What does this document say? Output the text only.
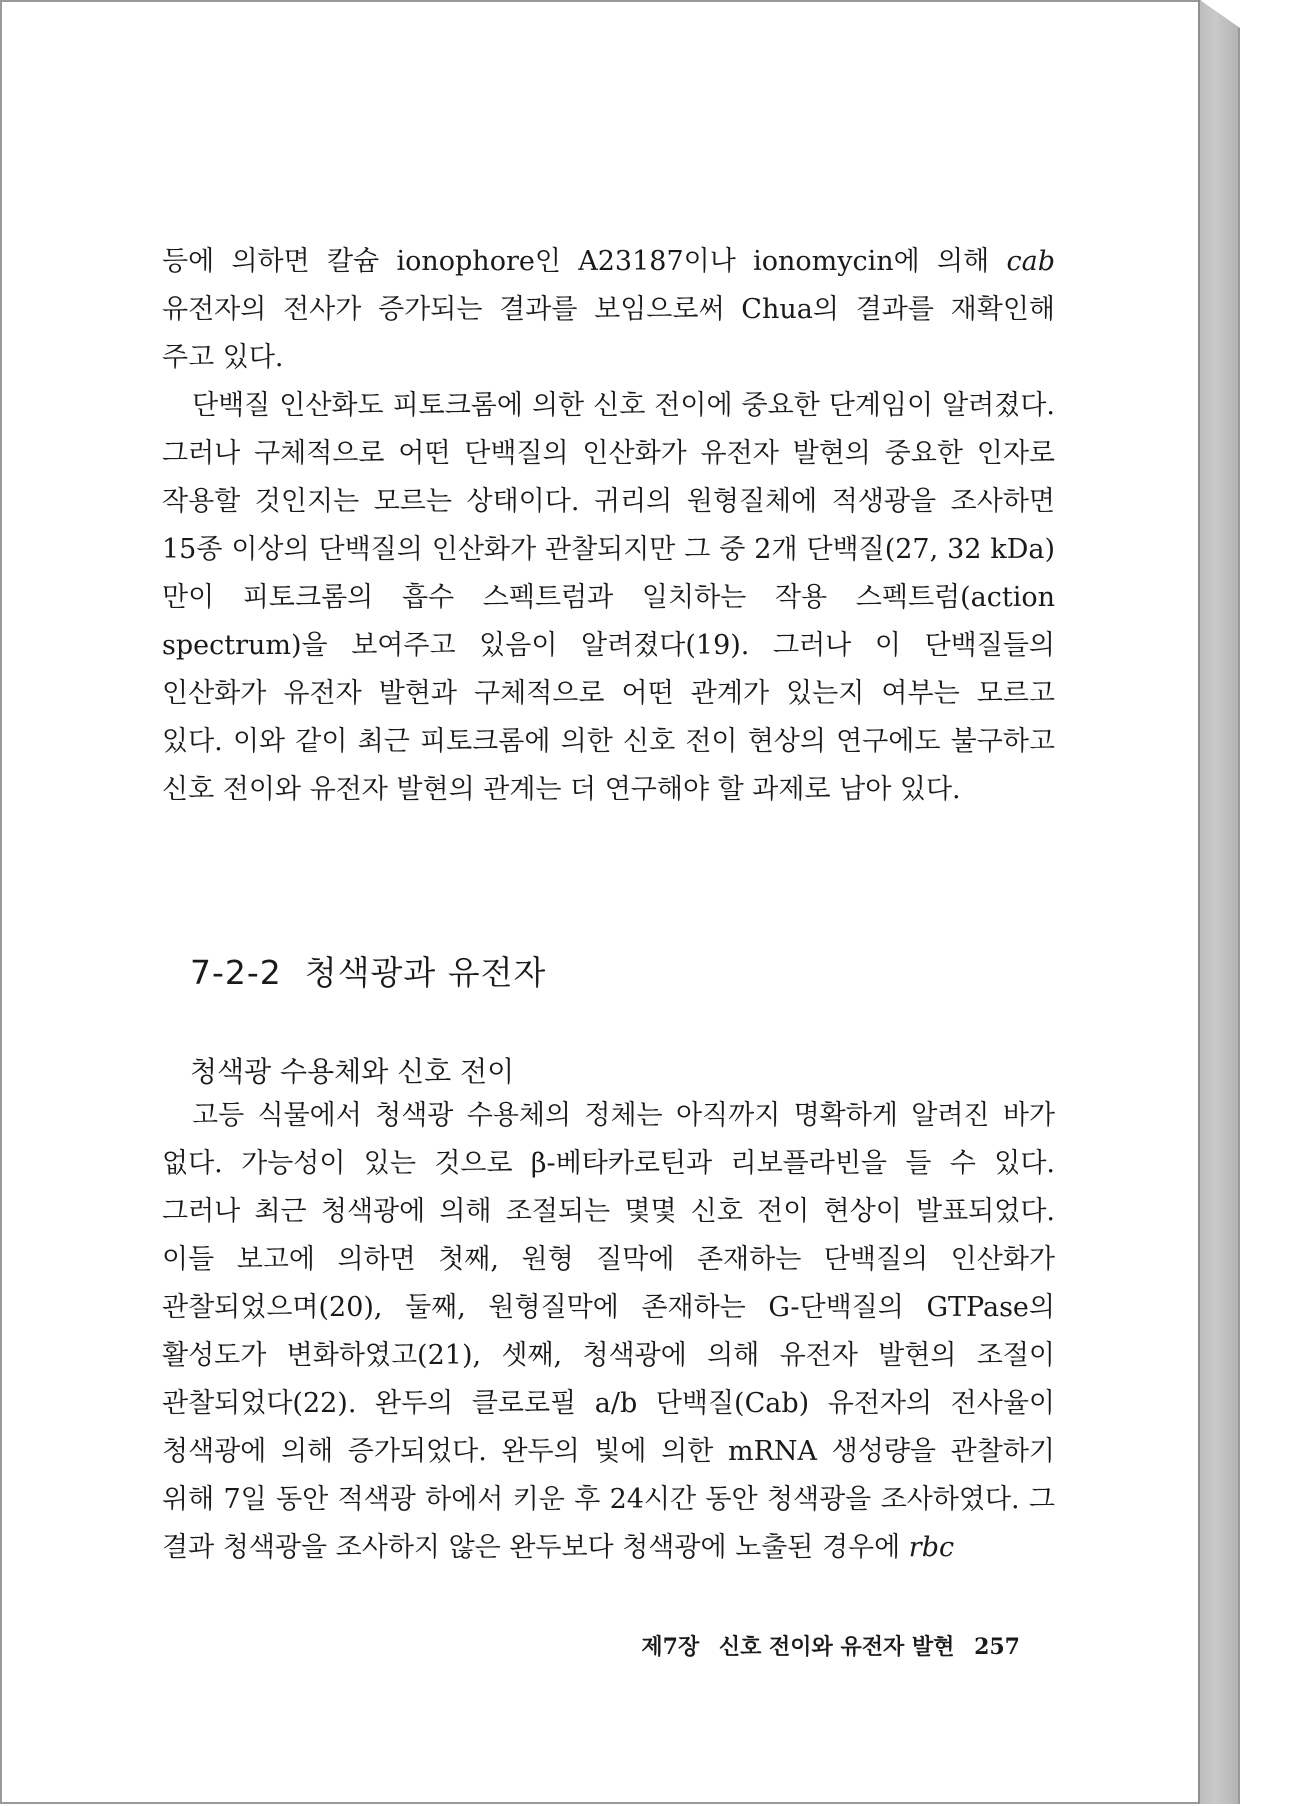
등에 의하면 칼슘 ionophore인 A23187이나 ionomycin에 의해 cab 유전자의 전사가 증가되는 결과를 보임으로써 Chua의 결과를 재확인해 주고 있다.

단백질 인산화도 피토크롬에 의한 신호 전이에 중요한 단계임이 알려졌다. 그러나 구체적으로 어떤 단백질의 인산화가 유전자 발현의 중요한 인자로 작용할 것인지는 모르는 상태이다. 귀리의 원형질체에 적생광을 조사하면 15종 이상의 단백질의 인산화가 관찰되지만 그 중 2개 단백질(27, 32 kDa)만이 피토크롬의 흡수 스펙트럼과 일치하는 작용 스펙트럼(action spectrum)을 보여주고 있음이 알려졌다(19). 그러나 이 단백질들의 인산화가 유전자 발현과 구체적으로 어떤 관계가 있는지 여부는 모르고 있다. 이와 같이 최근 피토크롬에 의한 신호 전이 현상의 연구에도 불구하고 신호 전이와 유전자 발현의 관계는 더 연구해야 할 과제로 남아 있다.

7-2-2  청색광과 유전자
청색광 수용체와 신호 전이

고등 식물에서 청색광 수용체의 정체는 아직까지 명확하게 알려진 바가 없다. 가능성이 있는 것으로 β-베타카로틴과 리보플라빈을 들 수 있다. 그러나 최근 청색광에 의해 조절되는 몇몇 신호 전이 현상이 발표되었다. 이들 보고에 의하면 첫째, 원형 질막에 존재하는 단백질의 인산화가 관찰되었으며(20), 둘째, 원형질막에 존재하는 G-단백질의 GTPase의 활성도가 변화하였고(21), 셋째, 청색광에 의해 유전자 발현의 조절이 관찰되었다(22). 완두의 클로로필 a/b 단백질(Cab) 유전자의 전사율이 청색광에 의해 증가되었다. 완두의 빛에 의한 mRNA 생성량을 관찰하기 위해 7일 동안 적색광 하에서 키운 후 24시간 동안 청색광을 조사하였다. 그 결과 청색광을 조사하지 않은 완두보다 청색광에 노출된 경우에 rbc

제7장 신호 전이와 유전자 발현 257
